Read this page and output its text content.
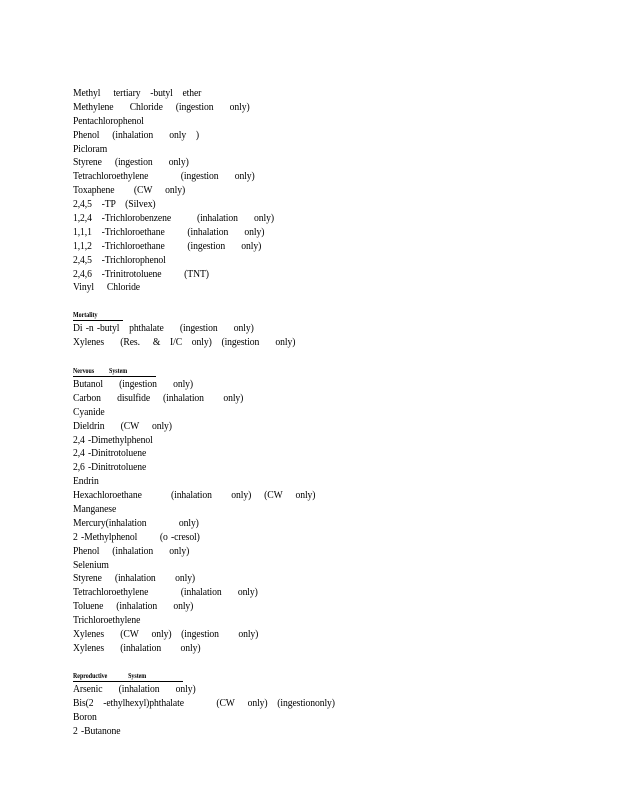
Methyl    tertiary   -butyl   ether
Methylene     Chloride    (ingestion     only)
Pentachlorophenol
Phenol    (inhalation     only   )
Picloram
Styrene    (ingestion     only)
Tetrachloroethylene          (ingestion     only)
Toxaphene      (CW    only)
2,4,5   -TP   (Silvex)
1,2,4   -Trichlorobenzene        (inhalation     only)
1,1,1   -Trichloroethane       (inhalation     only)
1,1,2   -Trichloroethane       (ingestion     only)
2,4,5   -Trichlorophenol
2,4,6   -Trinitrotoluene       (TNT)
Vinyl    Chloride
Mortality
Di -n -butyl   phthalate     (ingestion     only)
Xylenes     (Res.    &   I/C   only)   (ingestion     only)
Nervous          System
Butanol     (ingestion     only)
Carbon     disulfide    (inhalation      only)
Cyanide
Dieldrin     (CW    only)
2,4 -Dimethylphenol
2,4 -Dinitrotoluene
2,6 -Dinitrotoluene
Endrin
Hexachloroethane         (inhalation      only)    (CW    only)
Manganese
Mercury(inhalation          only)
2 -Methylphenol       (o -cresol)
Phenol    (inhalation     only)
Selenium
Styrene    (inhalation      only)
Tetrachloroethylene          (inhalation     only)
Toluene    (inhalation     only)
Trichloroethylene
Xylenes     (CW    only)   (ingestion      only)
Xylenes     (inhalation      only)
Reproductive              System
Arsenic     (inhalation     only)
Bis(2   -ethylhexyl)phthalate          (CW    only)   (ingestiononly)
Boron
2 -Butanone
